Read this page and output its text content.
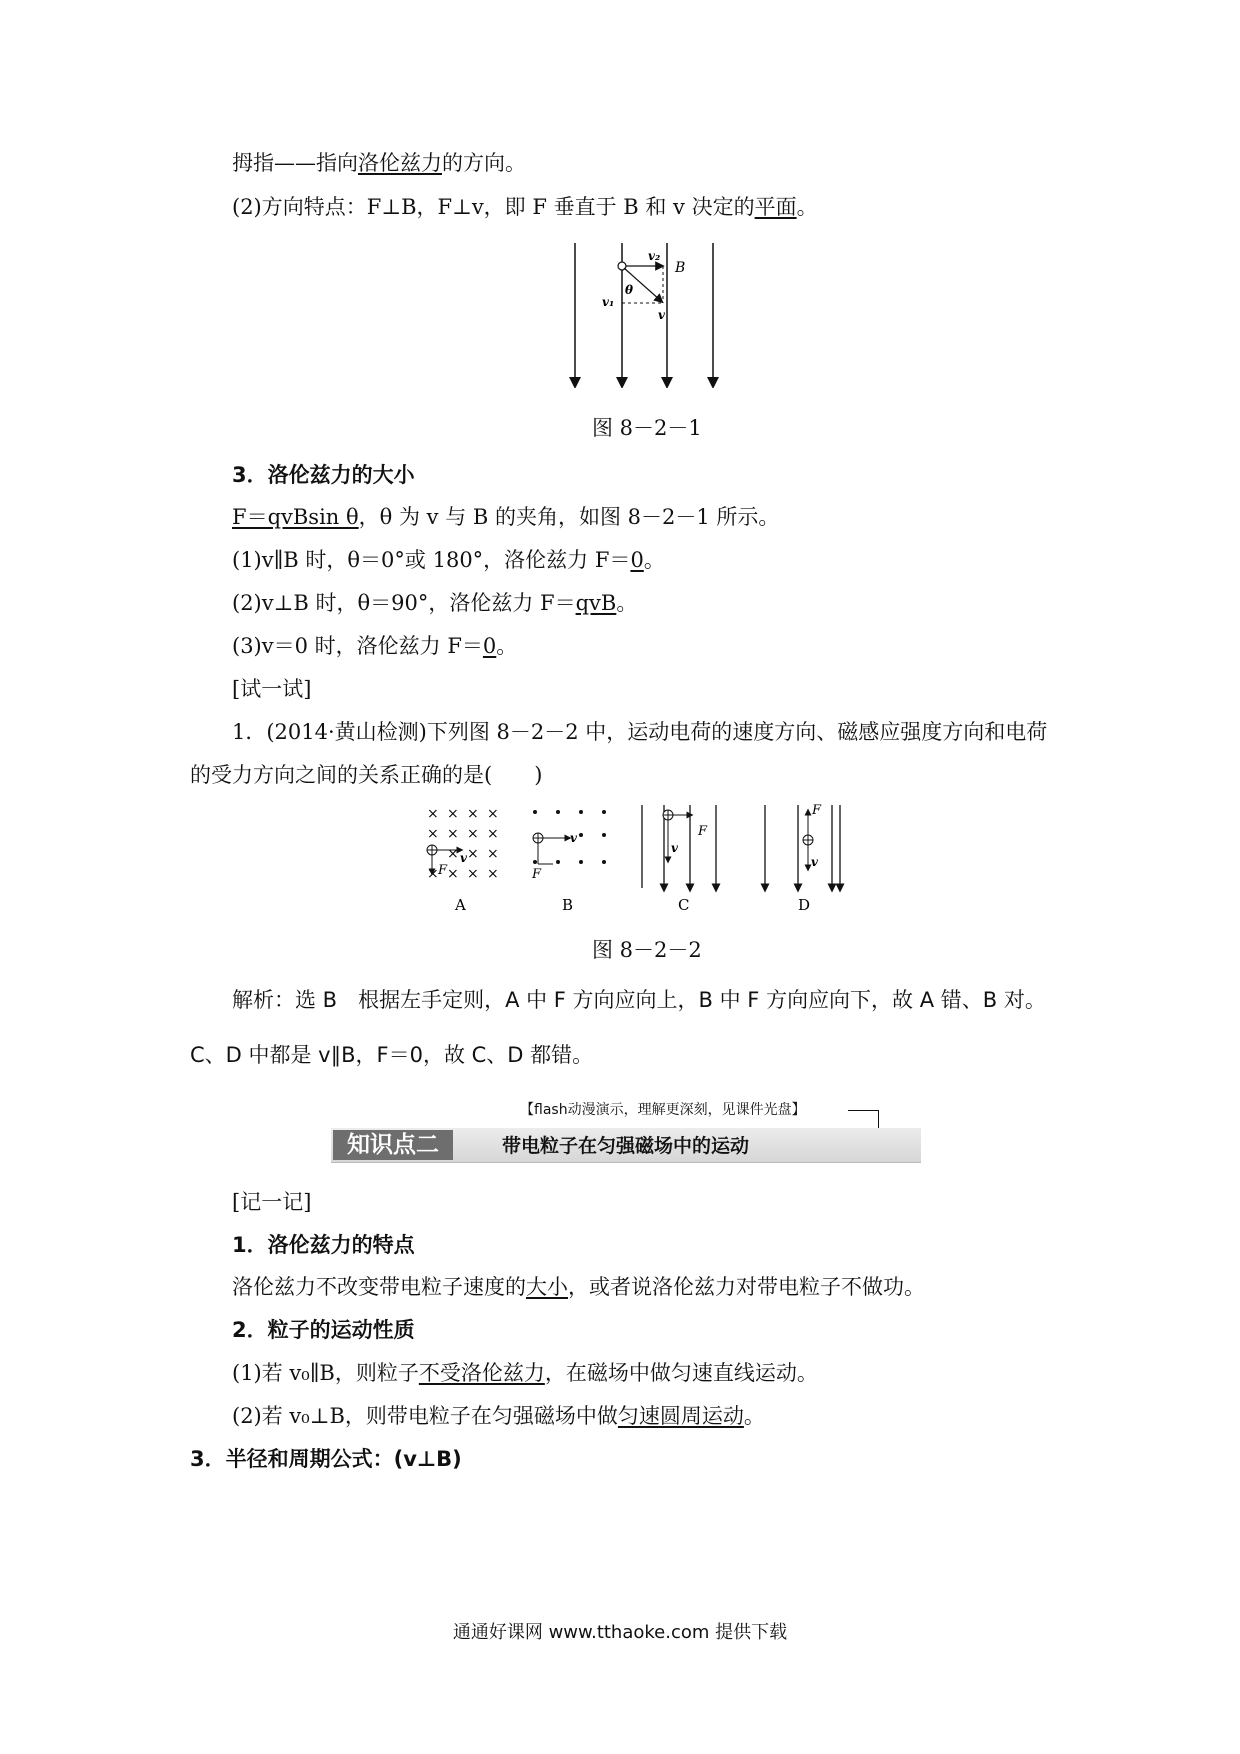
拇指——指向洛伦兹力的方向。
(2)方向特点：F⊥B，F⊥v，即 F 垂直于 B 和 v 决定的平面。
v₂
B
θ
v₁
v
图 8－2－1
3．洛伦兹力的大小
F＝qvBsin θ，θ 为 v 与 B 的夹角，如图 8－2－1 所示。
(1)v∥B 时，θ＝0°或 180°，洛伦兹力 F＝0。
(2)v⊥B 时，θ＝90°，洛伦兹力 F＝qvB。
(3)v＝0 时，洛伦兹力 F＝0。
[试一试]
1．(2014·黄山检测)下列图 8－2－2 中，运动电荷的速度方向、磁感应强度方向和电荷
的受力方向之间的关系正确的是(　　)
× × × ×
× × × ×
× × ×
× × × ×
v
F
A
v
F
B
v
F
C
F
v
D
图 8－2－2
解析：选 B　根据左手定则，A 中 F 方向应向上，B 中 F 方向应向下，故 A 错、B 对。
C、D 中都是 v∥B，F＝0，故 C、D 都错。
【flash动漫演示，理解更深刻，见课件光盘】
知识点二	带电粒子在匀强磁场中的运动
[记一记]
1．洛伦兹力的特点
洛伦兹力不改变带电粒子速度的大小，或者说洛伦兹力对带电粒子不做功。
2．粒子的运动性质
(1)若 v₀∥B，则粒子不受洛伦兹力，在磁场中做匀速直线运动。
(2)若 v₀⊥B，则带电粒子在匀强磁场中做匀速圆周运动。
3．半径和周期公式：(v⊥B)
通通好课网 www.tthaoke.com 提供下载
